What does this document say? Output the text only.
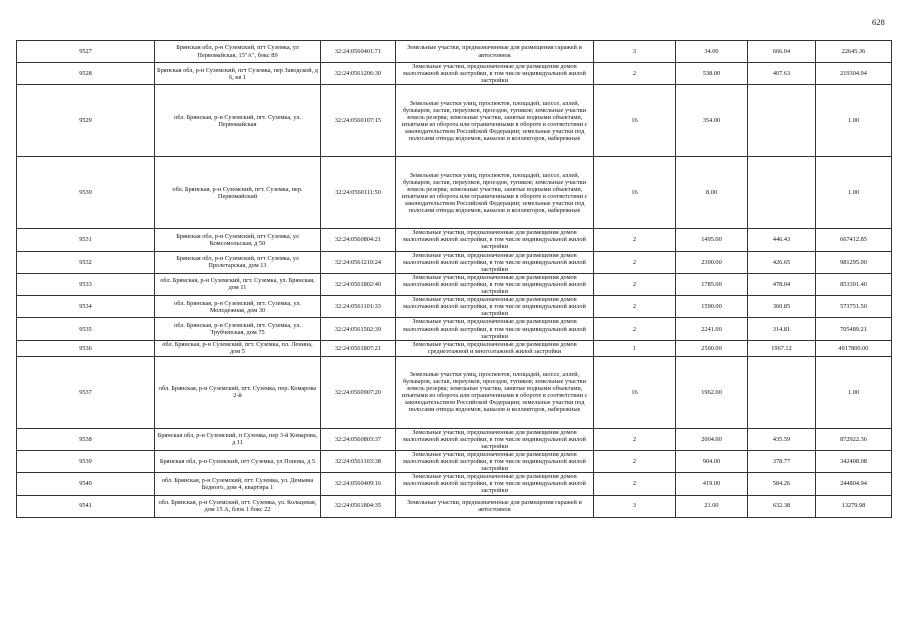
628
9527	Брянская обл, р-н Суземский, пгт Суземка, ул Первомайская, 15"А", бокс 89	32:24:0560401:71	Земельные участки, предназначенные для размещения гаражей и автостоянок	3	34.00	666.04	22645.36
9528	Брянская обл, р-н Суземский, пгт Суземка, пер Заводской, д 6, кв 1	32:24:0561206:30	Земельные участки, предназначенные для размещения домов малоэтажной жилой застройки, в том числе индивидуальной жилой застройки	2	538.00	407.63	219304.94
9529	обл. Брянская, р-н Суземский, пгт. Суземка, ул. Первомайская	32:24:0560107:15	Земельные участки улиц, проспектов, площадей, шоссе, аллей, бульваров, застав, переулков, проездов, тупиков; земельные участки земель резерва; земельные участки, занятые водными объектами, изъятыми из оборота или ограниченными в обороте в соответствии с законодательством Российской Федерации; земельные участки под полосами отвода водоемов, каналов и коллекторов, набережные	16	354.00		1.00
9530	обл. Брянская, р-н Суземский, пгт. Суземка, пер. Первомайский	32:24:0560111:50	Земельные участки улиц, проспектов, площадей, шоссе, аллей, бульваров, застав, переулков, проездов, тупиков; земельные участки земель резерва; земельные участки, занятые водными объектами, изъятыми из оборота или ограниченными в обороте в соответствии с законодательством Российской Федерации; земельные участки под полосами отвода водоемов, каналов и коллекторов, набережные	16	8.00		1.00
9531	Брянская обл, р-н Суземский, пгт Суземка, ул Комсомольская, д 50	32:24:0560804:21	Земельные участки, предназначенные для размещения домов малоэтажной жилой застройки, в том числе индивидуальной жилой застройки	2	1495.00	446.43	667412.85
9532	Брянская обл, р-н Суземский, пгт Суземка, ул Пролетарская, дом 13	32:24:0561210:24	Земельные участки, предназначенные для размещения домов малоэтажной жилой застройки, в том числе индивидуальной жилой застройки	2	2300.00	426.65	981295.00
9533	обл. Брянская, р-н Суземский, пгт. Суземка, ул. Брянская, дом 11	32:24:0561802:40	Земельные участки, предназначенные для размещения домов малоэтажной жилой застройки, в том числе индивидуальной жилой застройки	2	1785.00	478.04	853301.40
9534	обл. Брянская, р-н Суземский, пгт. Суземка, ул. Молодежная, дом 30	32:24:0561101:33	Земельные участки, предназначенные для размещения домов малоэтажной жилой застройки, в том числе индивидуальной жилой застройки	2	1590.00	360.85	573751.50
9535	обл. Брянская, р-н Суземский, пгт. Суземка, ул. Трубчевская, дом 75	32:24:0561502:39	Земельные участки, предназначенные для размещения домов малоэтажной жилой застройки, в том числе индивидуальной жилой застройки	2	2241.00	314.81	705489.21
9536	обл. Брянская, р-н Суземский, пгт. Суземка, пл. Ленина, дом 5	32:24:0561807:21	Земельные участки, предназначенные для размещения домов среднеэтажной и многоэтажной жилой застройки	1	2500.00	1967.12	4917800.00
9537	обл. Брянская, р-н Суземский, пгт. Суземка, пер. Комарова 2-й	32:24:0560907:20	Земельные участки улиц, проспектов, площадей, шоссе, аллей, бульваров, застав, переулков, проездов, тупиков; земельные участки земель резерва; земельные участки, занятые водными объектами, изъятыми из оборота или ограниченными в обороте в соответствии с законодательством Российской Федерации; земельные участки под полосами отвода водоемов, каналов и коллекторов, набережные	16	1962.00		1.00
9538	Брянская обл, р-н Суземский, п Суземка, пер 3-й Комарова, д 11	32:24:0560803:37	Земельные участки, предназначенные для размещения домов малоэтажной жилой застройки, в том числе индивидуальной жилой застройки	2	2004.00	435.59	872922.36
9539	Брянская обл, р-н Суземский, пгт Суземка, ул Попова, д 5	32:24:0561103:38	Земельные участки, предназначенные для размещения домов малоэтажной жилой застройки, в том числе индивидуальной жилой застройки	2	904.00	378.77	342408.08
9540	обл. Брянская, р-н Суземский, пгт. Суземка, ул. Демьяна Бедного, дом 4, квартира 1	32:24:0560409:16	Земельные участки, предназначенные для размещения домов малоэтажной жилой застройки, в том числе индивидуальной жилой застройки	2	419.00	584.26	244804.94
9541	обл. Брянская, р-н Суземский, пгт. Суземка, ул. Кольцевая, дом 15 А, блок 1 бокс 22	32:24:0561804:35	Земельные участки, предназначенные для размещения гаражей и автостоянок	3	21.00	632.38	13279.98
